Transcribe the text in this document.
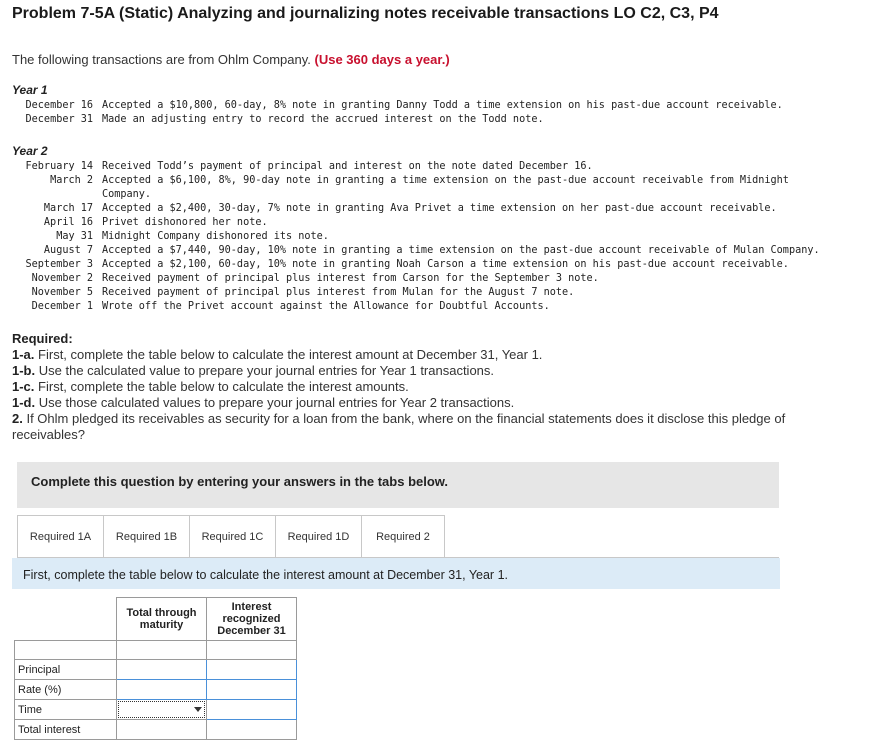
Problem 7-5A (Static) Analyzing and journalizing notes receivable transactions LO C2, C3, P4
The following transactions are from Ohlm Company. (Use 360 days a year.)
Year 1
December 16 Accepted a $10,800, 60-day, 8% note in granting Danny Todd a time extension on his past-due account receivable.
December 31 Made an adjusting entry to record the accrued interest on the Todd note.
Year 2
February 14 Received Todd’s payment of principal and interest on the note dated December 16.
March 2 Accepted a $6,100, 8%, 90-day note in granting a time extension on the past-due account receivable from Midnight
Company.
March 17 Accepted a $2,400, 30-day, 7% note in granting Ava Privet a time extension on her past-due account receivable.
April 16 Privet dishonored her note.
May 31 Midnight Company dishonored its note.
August 7 Accepted a $7,440, 90-day, 10% note in granting a time extension on the past-due account receivable of Mulan Company.
September 3 Accepted a $2,100, 60-day, 10% note in granting Noah Carson a time extension on his past-due account receivable.
November 2 Received payment of principal plus interest from Carson for the September 3 note.
November 5 Received payment of principal plus interest from Mulan for the August 7 note.
December 1 Wrote off the Privet account against the Allowance for Doubtful Accounts.
Required:
1-a. First, complete the table below to calculate the interest amount at December 31, Year 1.
1-b. Use the calculated value to prepare your journal entries for Year 1 transactions.
1-c. First, complete the table below to calculate the interest amounts.
1-d. Use those calculated values to prepare your journal entries for Year 2 transactions.
2. If Ohlm pledged its receivables as security for a loan from the bank, where on the financial statements does it disclose this pledge of receivables?
Complete this question by entering your answers in the tabs below.
Required 1A	Required 1B	Required 1C	Required 1D	Required 2
First, complete the table below to calculate the interest amount at December 31, Year 1.
	Total through maturity	Interest recognized December 31

Principal		
Rate (%)		
Time	

Total interest		
